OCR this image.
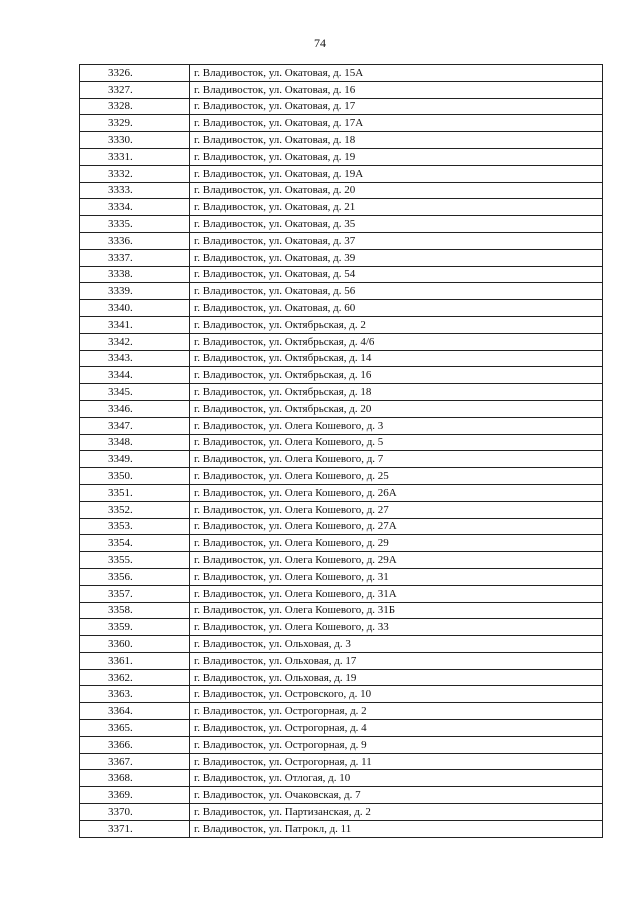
74
3326.	г. Владивосток, ул. Окатовая, д. 15А
3327.	г. Владивосток, ул. Окатовая, д. 16
3328.	г. Владивосток, ул. Окатовая, д. 17
3329.	г. Владивосток, ул. Окатовая, д. 17А
3330.	г. Владивосток, ул. Окатовая, д. 18
3331.	г. Владивосток, ул. Окатовая, д. 19
3332.	г. Владивосток, ул. Окатовая, д. 19А
3333.	г. Владивосток, ул. Окатовая, д. 20
3334.	г. Владивосток, ул. Окатовая, д. 21
3335.	г. Владивосток, ул. Окатовая, д. 35
3336.	г. Владивосток, ул. Окатовая, д. 37
3337.	г. Владивосток, ул. Окатовая, д. 39
3338.	г. Владивосток, ул. Окатовая, д. 54
3339.	г. Владивосток, ул. Окатовая, д. 56
3340.	г. Владивосток, ул. Окатовая, д. 60
3341.	г. Владивосток, ул. Октябрьская, д. 2
3342.	г. Владивосток, ул. Октябрьская, д. 4/6
3343.	г. Владивосток, ул. Октябрьская, д. 14
3344.	г. Владивосток, ул. Октябрьская, д. 16
3345.	г. Владивосток, ул. Октябрьская, д. 18
3346.	г. Владивосток, ул. Октябрьская, д. 20
3347.	г. Владивосток, ул. Олега Кошевого, д. 3
3348.	г. Владивосток, ул. Олега Кошевого, д. 5
3349.	г. Владивосток, ул. Олега Кошевого, д. 7
3350.	г. Владивосток, ул. Олега Кошевого, д. 25
3351.	г. Владивосток, ул. Олега Кошевого, д. 26А
3352.	г. Владивосток, ул. Олега Кошевого, д. 27
3353.	г. Владивосток, ул. Олега Кошевого, д. 27А
3354.	г. Владивосток, ул. Олега Кошевого, д. 29
3355.	г. Владивосток, ул. Олега Кошевого, д. 29А
3356.	г. Владивосток, ул. Олега Кошевого, д. 31
3357.	г. Владивосток, ул. Олега Кошевого, д. 31А
3358.	г. Владивосток, ул. Олега Кошевого, д. 31Б
3359.	г. Владивосток, ул. Олега Кошевого, д. 33
3360.	г. Владивосток, ул. Ольховая, д. 3
3361.	г. Владивосток, ул. Ольховая, д. 17
3362.	г. Владивосток, ул. Ольховая, д. 19
3363.	г. Владивосток, ул. Островского, д. 10
3364.	г. Владивосток, ул. Острогорная, д. 2
3365.	г. Владивосток, ул. Острогорная, д. 4
3366.	г. Владивосток, ул. Острогорная, д. 9
3367.	г. Владивосток, ул. Острогорная, д. 11
3368.	г. Владивосток, ул. Отлогая, д. 10
3369.	г. Владивосток, ул. Очаковская, д. 7
3370.	г. Владивосток, ул. Партизанская, д. 2
3371.	г. Владивосток, ул. Патрокл, д. 11
